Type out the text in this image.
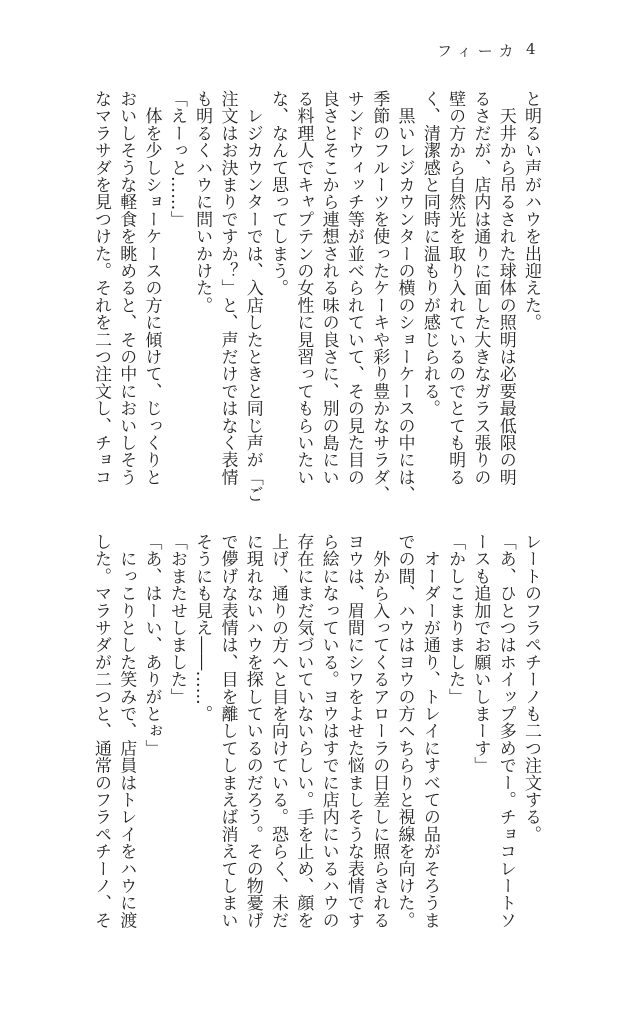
フィーカ 4
と明るい声がハウを出迎えた。
　天井から吊るされた球体の照明は必要最低限の明
るさだが、店内は通りに面した大きなガラス張りの
壁の方から自然光を取り入れているのでとても明る
く、清潔感と同時に温もりが感じられる。
　黒いレジカウンターの横のショーケースの中には、
季節のフルーツを使ったケーキや彩り豊かなサラダ、
サンドウィッチ等が並べられていて、その見た目の
良さとそこから連想される味の良さに、別の島にい
る料理人でキャプテンの女性に見習ってもらいたい
な、なんて思ってしまう。
　レジカウンターでは、入店したときと同じ声が「ご
注文はお決まりですか？」と、声だけではなく表情
も明るくハウに問いかけた。
「えーっと……」
　体を少しショーケースの方に傾けて、じっくりと
おいしそうな軽食を眺めると、その中においしそう
なマラサダを見つけた。それを二つ注文し、チョコ
レートのフラペチーノも二つ注文する。
「あ、ひとつはホイップ多めでー。チョコレートソ
ースも追加でお願いしまーす」
「かしこまりました」
　オーダーが通り、トレイにすべての品がそろうま
での間、ハウはヨウの方へちらりと視線を向けた。
　外から入ってくるアローラの日差しに照らされる
ヨウは、眉間にシワをよせた悩ましそうな表情です
ら絵になっている。ヨウはすでに店内にいるハウの
存在にまだ気づいていないらしい。手を止め、顔を
上げ、通りの方へと目を向けている。恐らく、未だ
に現れないハウを探しているのだろう。その物憂げ
で儚げな表情は、目を離してしまえば消えてしまい
そうにも見え――……。
「おまたせしました」
「あ、はーい、ありがとぉ」
　にっこりとした笑みで、店員はトレイをハウに渡
した。マラサダが二つと、通常のフラペチーノ、そ
